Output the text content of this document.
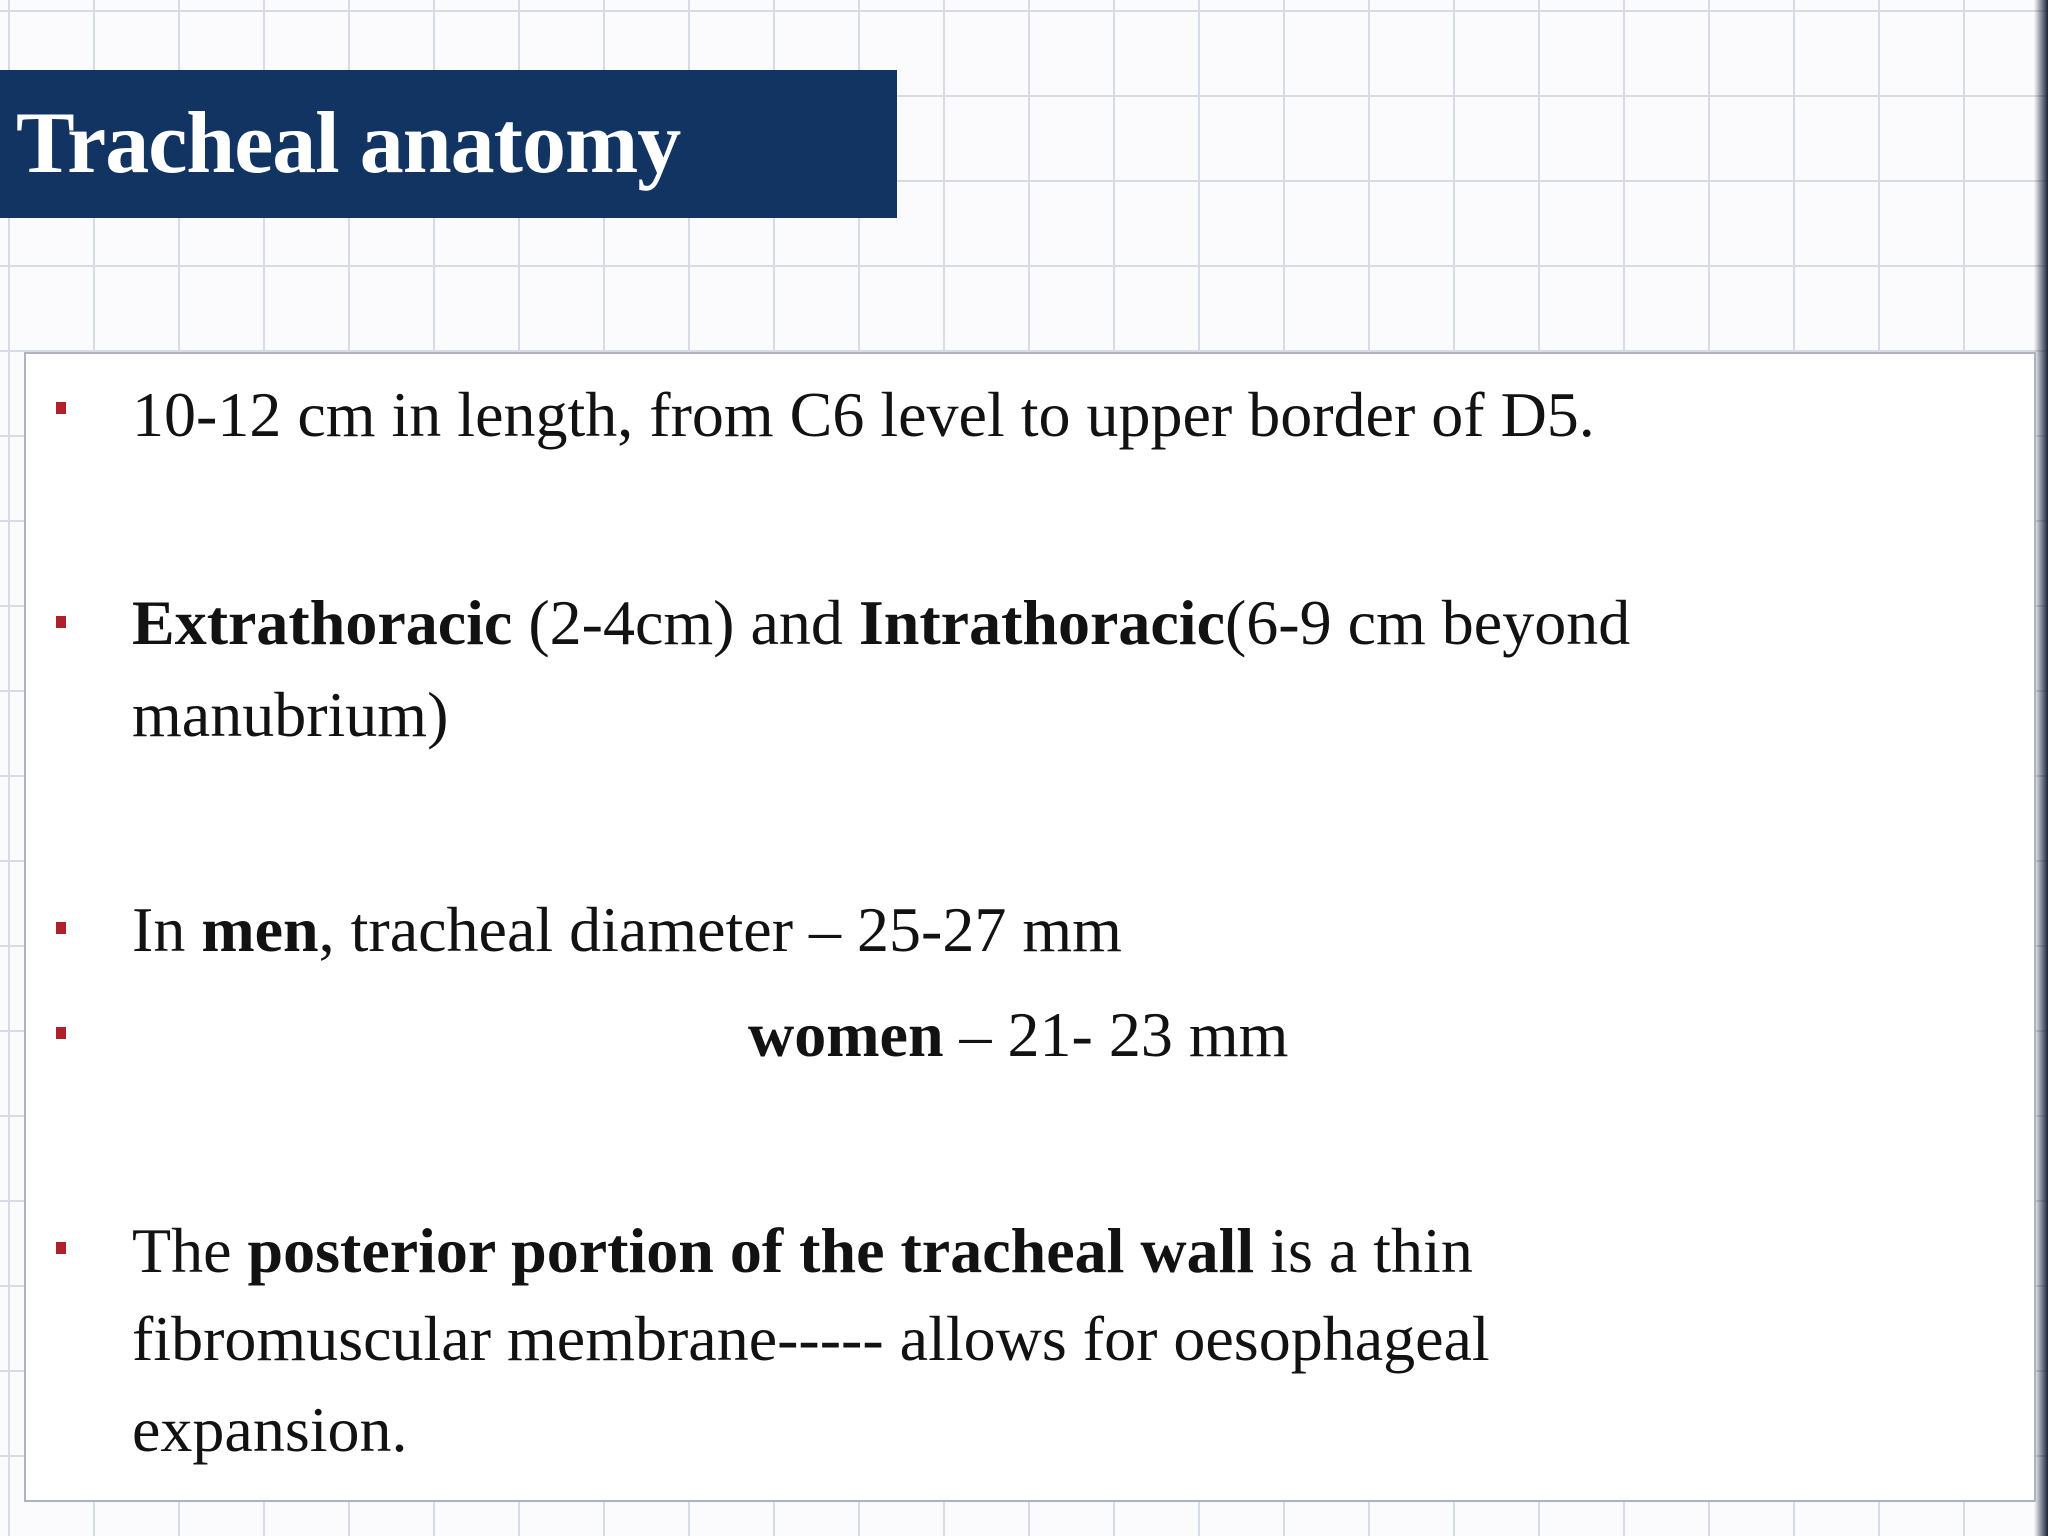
Tracheal anatomy
10-12 cm in length, from C6 level to upper border of D5.
Extrathoracic (2-4cm) and Intrathoracic(6-9 cm beyond
manubrium)
In men, tracheal diameter – 25-27 mm
women – 21- 23 mm
The posterior portion of the tracheal wall is a thin
fibromuscular membrane----- allows for oesophageal
expansion.
